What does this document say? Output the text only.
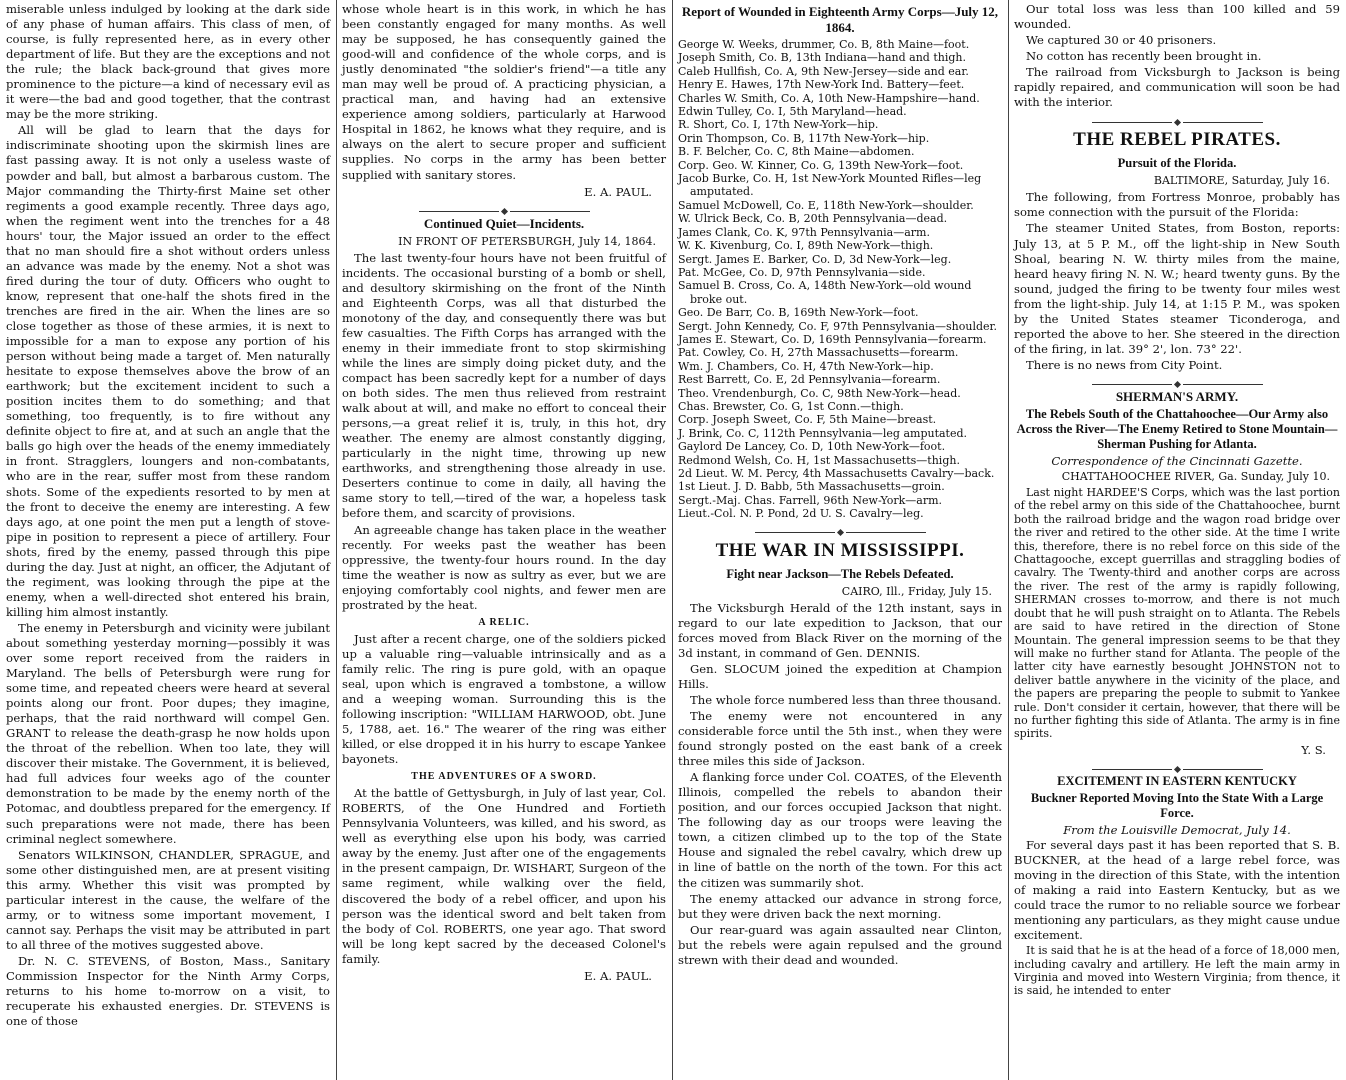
miserable unless indulged by looking at the dark side of any phase of human affairs. This class of men, of course, is fully represented here, as in every other department of life. But they are the exceptions and not the rule; the black back-ground that gives more prominence to the picture—a kind of necessary evil as it were—the bad and good together, that the contrast may be the more striking.

All will be glad to learn that the days for indiscriminate shooting upon the skirmish lines are fast passing away. It is not only a useless waste of powder and ball, but almost a barbarous custom. The Major commanding the Thirty-first Maine set other regiments a good example recently. Three days ago, when the regiment went into the trenches for a 48 hours' tour, the Major issued an order to the effect that no man should fire a shot without orders unless an advance was made by the enemy. Not a shot was fired during the tour of duty. Officers who ought to know, represent that one-half the shots fired in the trenches are fired in the air. When the lines are so close together as those of these armies, it is next to impossible for a man to expose any portion of his person without being made a target of. Men naturally hesitate to expose themselves above the brow of an earthwork; but the excitement incident to such a position incites them to do something; and that something, too frequently, is to fire without any definite object to fire at, and at such an angle that the balls go high over the heads of the enemy immediately in front. Stragglers, loungers and non-combatants, who are in the rear, suffer most from these random shots. Some of the expedients resorted to by men at the front to deceive the enemy are interesting. A few days ago, at one point the men put a length of stove-pipe in position to represent a piece of artillery. Four shots, fired by the enemy, passed through this pipe during the day. Just at night, an officer, the Adjutant of the regiment, was looking through the pipe at the enemy, when a well-directed shot entered his brain, killing him almost instantly.

The enemy in Petersburgh and vicinity were jubilant about something yesterday morning—possibly it was over some report received from the raiders in Maryland. The bells of Petersburgh were rung for some time, and repeated cheers were heard at several points along our front. Poor dupes; they imagine, perhaps, that the raid northward will compel Gen. GRANT to release the death-grasp he now holds upon the throat of the rebellion. When too late, they will discover their mistake. The Government, it is believed, had full advices four weeks ago of the counter demonstration to be made by the enemy north of the Potomac, and doubtless prepared for the emergency. If such preparations were not made, there has been criminal neglect somewhere.

Senators WILKINSON, CHANDLER, SPRAGUE, and some other distinguished men, are at present visiting this army. Whether this visit was prompted by particular interest in the cause, the welfare of the army, or to witness some important movement, I cannot say. Perhaps the visit may be attributed in part to all three of the motives suggested above.

Dr. N. C. STEVENS, of Boston, Mass., Sanitary Commission Inspector for the Ninth Army Corps, returns to his home to-morrow on a visit, to recuperate his exhausted energies. Dr. STEVENS is one of those

whose whole heart is in this work, in which he has been constantly engaged for many months. As well may be supposed, he has consequently gained the good-will and confidence of the whole corps, and is justly denominated "the soldier's friend"—a title any man may well be proud of. A practicing physician, a practical man, and having had an extensive experience among soldiers, particularly at Harwood Hospital in 1862, he knows what they require, and is always on the alert to secure proper and sufficient supplies. No corps in the army has been better supplied with sanitary stores.

E. A. PAUL.

Continued Quiet—Incidents.

IN FRONT OF PETERSBURGH, July 14, 1864.

The last twenty-four hours have not been fruitful of incidents. The occasional bursting of a bomb or shell, and desultory skirmishing on the front of the Ninth and Eighteenth Corps, was all that disturbed the monotony of the day, and consequently there was but few casualties. The Fifth Corps has arranged with the enemy in their immediate front to stop skirmishing while the lines are simply doing picket duty, and the compact has been sacredly kept for a number of days on both sides. The men thus relieved from restraint walk about at will, and make no effort to conceal their persons,—a great relief it is, truly, in this hot, dry weather. The enemy are almost constantly digging, particularly in the night time, throwing up new earthworks, and strengthening those already in use. Deserters continue to come in daily, all having the same story to tell,—tired of the war, a hopeless task before them, and scarcity of provisions.

An agreeable change has taken place in the weather recently. For weeks past the weather has been oppressive, the twenty-four hours round. In the day time the weather is now as sultry as ever, but we are enjoying comfortably cool nights, and fewer men are prostrated by the heat.

A RELIC.

Just after a recent charge, one of the soldiers picked up a valuable ring—valuable intrinsically and as a family relic. The ring is pure gold, with an opaque seal, upon which is engraved a tombstone, a willow and a weeping woman. Surrounding this is the following inscription: "WILLIAM HARWOOD, obt. June 5, 1788, aet. 16." The wearer of the ring was either killed, or else dropped it in his hurry to escape Yankee bayonets.

THE ADVENTURES OF A SWORD.

At the battle of Gettysburgh, in July of last year, Col. ROBERTS, of the One Hundred and Fortieth Pennsylvania Volunteers, was killed, and his sword, as well as everything else upon his body, was carried away by the enemy. Just after one of the engagements in the present campaign, Dr. WISHART, Surgeon of the same regiment, while walking over the field, discovered the body of a rebel officer, and upon his person was the identical sword and belt taken from the body of Col. ROBERTS, one year ago. That sword will be long kept sacred by the deceased Colonel's family.

E. A. PAUL.

Report of Wounded in Eighteenth Army Corps—July 12, 1864.

George W. Weeks, drummer, Co. B, 8th Maine—foot.

Joseph Smith, Co. B, 13th Indiana—hand and thigh.

Caleb Hullfish, Co. A, 9th New-Jersey—side and ear.

Henry E. Hawes, 17th New-York Ind. Battery—feet.

Charles W. Smith, Co. A, 10th New-Hampshire—hand.

Edwin Tulley, Co. I, 5th Maryland—head.

R. Short, Co. I, 17th New-York—hip.

Orin Thompson, Co. B, 117th New-York—hip.

B. F. Belcher, Co. C, 8th Maine—abdomen.

Corp. Geo. W. Kinner, Co. G, 139th New-York—foot.

Jacob Burke, Co. H, 1st New-York Mounted Rifles—leg amputated.

Samuel McDowell, Co. E, 118th New-York—shoulder.

W. Ulrick Beck, Co. B, 20th Pennsylvania—dead.

James Clank, Co. K, 97th Pennsylvania—arm.

W. K. Kivenburg, Co. I, 89th New-York—thigh.

Sergt. James E. Barker, Co. D, 3d New-York—leg.

Pat. McGee, Co. D, 97th Pennsylvania—side.

Samuel B. Cross, Co. A, 148th New-York—old wound broke out.

Geo. De Barr, Co. B, 169th New-York—foot.

Sergt. John Kennedy, Co. F, 97th Pennsylvania—shoulder.

James E. Stewart, Co. D, 169th Pennsylvania—forearm.

Pat. Cowley, Co. H, 27th Massachusetts—forearm.

Wm. J. Chambers, Co. H, 47th New-York—hip.

Rest Barrett, Co. E, 2d Pennsylvania—forearm.

Theo. Vrendenburgh, Co. C, 98th New-York—head.

Chas. Brewster, Co. G, 1st Conn.—thigh.

Corp. Joseph Sweet, Co. F, 5th Maine—breast.

J. Brink, Co. C, 112th Pennsylvania—leg amputated.

Gaylord De Lancey, Co. D, 10th New-York—foot.

Redmond Welsh, Co. H, 1st Massachusetts—thigh.

2d Lieut. W. M. Percy, 4th Massachusetts Cavalry—back.

1st Lieut. J. D. Babb, 5th Massachusetts—groin.

Sergt.-Maj. Chas. Farrell, 96th New-York—arm.

Lieut.-Col. N. P. Pond, 2d U. S. Cavalry—leg.

THE WAR IN MISSISSIPPI.

Fight near Jackson—The Rebels Defeated.

CAIRO, Ill., Friday, July 15.

The Vicksburgh Herald of the 12th instant, says in regard to our late expedition to Jackson, that our forces moved from Black River on the morning of the 3d instant, in command of Gen. DENNIS.

Gen. SLOCUM joined the expedition at Champion Hills.

The whole force numbered less than three thousand.

The enemy were not encountered in any considerable force until the 5th inst., when they were found strongly posted on the east bank of a creek three miles this side of Jackson.

A flanking force under Col. COATES, of the Eleventh Illinois, compelled the rebels to abandon their position, and our forces occupied Jackson that night. The following day as our troops were leaving the town, a citizen climbed up to the top of the State House and signaled the rebel cavalry, which drew up in line of battle on the north of the town. For this act the citizen was summarily shot.

The enemy attacked our advance in strong force, but they were driven back the next morning.

Our rear-guard was again assaulted near Clinton, but the rebels were again repulsed and the ground strewn with their dead and wounded.

Our total loss was less than 100 killed and 59 wounded.

We captured 30 or 40 prisoners.

No cotton has recently been brought in.

The railroad from Vicksburgh to Jackson is being rapidly repaired, and communication will soon be had with the interior.

THE REBEL PIRATES.

Pursuit of the Florida.

BALTIMORE, Saturday, July 16.

The following, from Fortress Monroe, probably has some connection with the pursuit of the Florida:

The steamer United States, from Boston, reports: July 13, at 5 P. M., off the light-ship in New South Shoal, bearing N. W. thirty miles from the maine, heard heavy firing N. N. W.; heard twenty guns. By the sound, judged the firing to be twenty four miles west from the light-ship. July 14, at 1:15 P. M., was spoken by the United States steamer Ticonderoga, and reported the above to her. She steered in the direction of the firing, in lat. 39° 2', lon. 73° 22'.

There is no news from City Point.

SHERMAN'S ARMY.

The Rebels South of the Chattahoochee—Our Army also Across the River—The Enemy Retired to Stone Mountain—Sherman Pushing for Atlanta.

Correspondence of the Cincinnati Gazette.

CHATTAHOOCHEE RIVER, Ga. Sunday, July 10.

Last night HARDEE'S Corps, which was the last portion of the rebel army on this side of the Chattahoochee, burnt both the railroad bridge and the wagon road bridge over the river and retired to the other side. At the time I write this, therefore, there is no rebel force on this side of the Chattagooche, except guerrillas and straggling bodies of cavalry. The Twenty-third and another corps are across the river. The rest of the army is rapidly following, SHERMAN crosses to-morrow, and there is not much doubt that he will push straight on to Atlanta. The Rebels are said to have retired in the direction of Stone Mountain. The general impression seems to be that they will make no further stand for Atlanta. The people of the latter city have earnestly besought JOHNSTON not to deliver battle anywhere in the vicinity of the place, and the papers are preparing the people to submit to Yankee rule. Don't consider it certain, however, that there will be no further fighting this side of Atlanta. The army is in fine spirits.

Y. S.

EXCITEMENT IN EASTERN KENTUCKY

Buckner Reported Moving Into the State With a Large Force.

From the Louisville Democrat, July 14.

For several days past it has been reported that S. B. BUCKNER, at the head of a large rebel force, was moving in the direction of this State, with the intention of making a raid into Eastern Kentucky, but as we could trace the rumor to no reliable source we forbear mentioning any particulars, as they might cause undue excitement.

It is said that he is at the head of a force of 18,000 men, including cavalry and artillery. He left the main army in Virginia and moved into Western Virginia; from thence, it is said, he intended to enter
